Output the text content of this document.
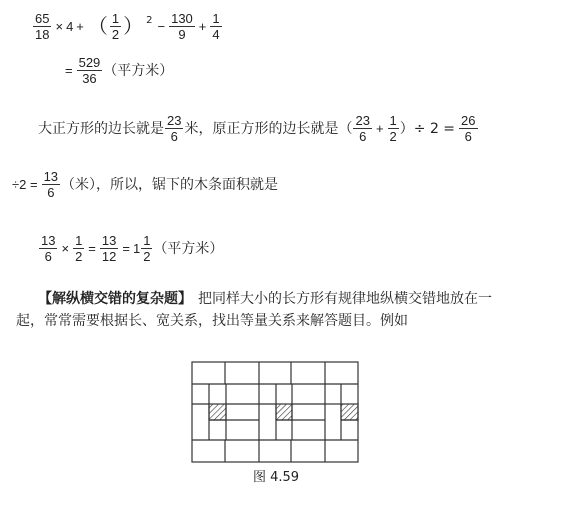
$\frac{65}{18} \times 4$ + （ $\frac{1}{2}$ ） $2 - \frac{130}{9} + \frac{1}{4}$
= $\frac{529}{36}$ （平方米）
大正方形的边长就是 $\frac{23}{6}$ 米，原正方形的边长就是（ $\frac{23}{6} + \frac{1}{2}$ ）÷ $2 = \frac{26}{6}$
$\div 2 = \frac{13}{6}$ （米），所以，锯下的木条面积就是
$\frac{13}{6} \times \frac{1}{2} = \frac{13}{12} = 1 \frac{1}{2}$ （平方米）
【解纵横交错的复杂题】 把同样大小的长方形有规律地纵横交错地放在一
起，常常需要根据长、宽关系，找出等量关系来解答题目。例如
图 4.59
